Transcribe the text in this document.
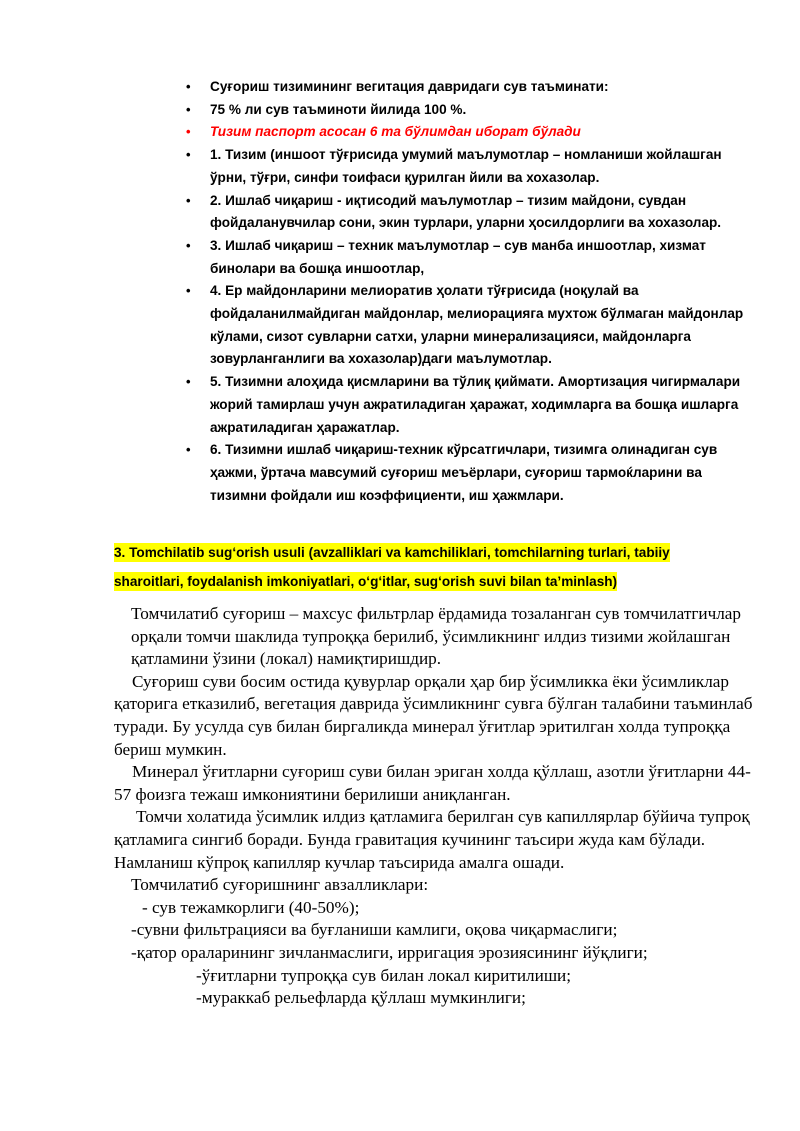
•	Суғориш тизимининг вегитация давридаги сув таъминати:
•	75 % ли сув таъминоти йилида 100 %.
•	Тизим паспорт асосан 6 та бўлимдан иборат бўлади
•	1. Тизим (иншоот тўғрисида умумий маълумотлар – номланиши жойлашган ўрни, тўғри, синфи тоифаси қурилган йили ва хохазолар.
•	2. Ишлаб чиқариш - иқтисодий маълумотлар – тизим майдони, сувдан фойдаланувчилар сони, экин турлари, уларни ҳосилдорлиги ва хохазолар.
•	3. Ишлаб чиқариш – техник маълумотлар – сув манба иншоотлар, хизмат бинолари ва бошқа иншоотлар,
•	4. Ер майдонларини мелиоратив ҳолати тўғрисида (ноқулай ва фойдаланилмайдиган майдонлар, мелиорацияга мухтож бўлмаган майдонлар кўлами, сизот сувларни сатхи, уларни минерализацияси, майдонларга зовурланганлиги ва хохазолар)даги маълумотлар.
•	5. Тизимни алоҳида қисмларини ва тўлиқ қиймати. Амортизация чигирмалари жорий тамирлаш учун ажратиладиган ҳаражат, ходимларга ва бошқа ишларга ажратиладиган ҳаражатлар.
•	6. Тизимни ишлаб чиқариш-техник кўрсатгичлари, тизимга олинадиган сув ҳажми, ўртача мавсумий суғориш меъёрлари, суғориш тармоќларини ва тизимни фойдали иш коэффициенти, иш ҳажмлари.
3. Tomchilatib sug‘orish usuli (avzalliklari va kamchiliklari, tomchilarning turlari, tabiiy sharoitlari, foydalanish imkoniyatlari, o‘g‘itlar, sug‘orish suvi bilan ta’minlash)

Томчилатиб суғориш – махсус фильтрлар ёрдамида тозаланган сув томчилатгичлар орқали томчи шаклида тупроққа берилиб, ўсимликнинг илдиз тизими жойлашган қатламини ўзини (локал) намиқтиришдир.

Суғориш суви босим остида қувурлар орқали ҳар бир ўсимликка ёки ўсимликлар қаторига етказилиб, вегетация даврида ўсимликнинг сувга бўлган талабини таъминлаб туради. Бу усулда сув билан биргаликда минерал ўғитлар эритилган холда тупроққа бериш мумкин.

Минерал ўғитларни суғориш суви билан эриган холда қўллаш, азотли ўғитларни 44-57 фоизга тежаш имкониятини берилиши аниқланган.

Томчи холатида ўсимлик илдиз қатламига берилган сув капиллярлар бўйича тупроқ қатламига сингиб боради. Бунда гравитация кучининг таъсири жуда кам бўлади. Намланиш кўпроқ капилляр кучлар таъсирида амалга ошади.

Томчилатиб суғоришнинг авзалликлари:

- сув тежамкорлиги (40-50%);

-сувни фильтрацияси ва буғланиши камлиги, оқова чиқармаслиги;

-қатор ораларининг зичланмаслиги, ирригация эрозиясининг йўқлиги;

-ўғитларни тупроққа сув билан локал киритилиши;

-мураккаб рельефларда қўллаш мумкинлиги;
